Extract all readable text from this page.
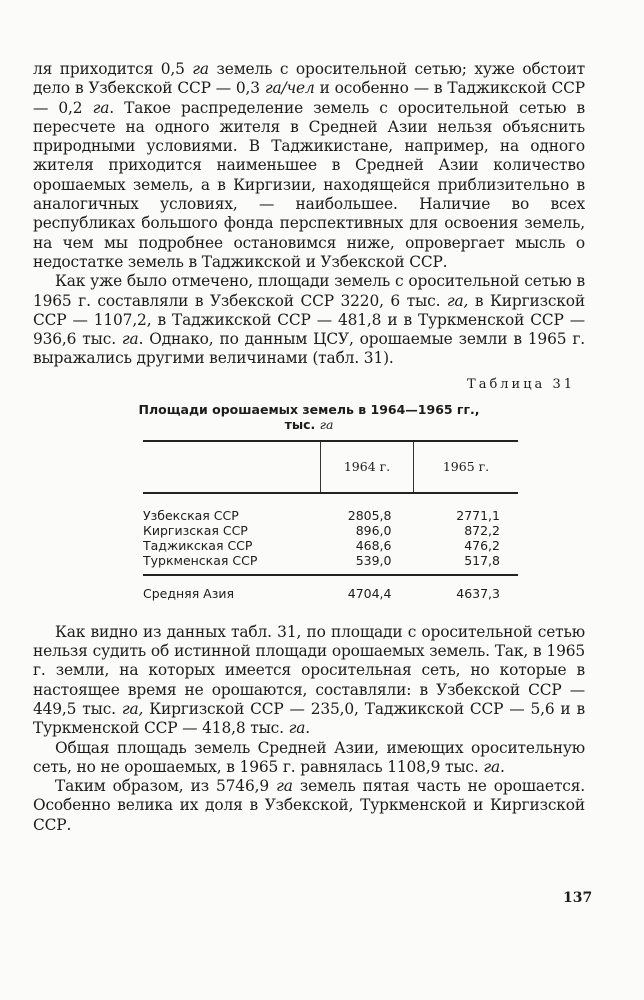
ля приходится 0,5 га земель с оросительной сетью; хуже обстоит дело в Узбекской ССР — 0,3 га/чел и особенно — в Таджикской ССР — 0,2 га. Такое распределение земель с оросительной сетью в пересчете на одного жителя в Средней Азии нельзя объяснить природными условиями. В Таджикистане, например, на одного жителя приходится наименьшее в Средней Азии количество орошаемых земель, а в Киргизии, находящейся приблизительно в аналогичных условиях, — наибольшее. Наличие во всех республиках большого фонда перспективных для освоения земель, на чем мы подробнее остановимся ниже, опровергает мысль о недостатке земель в Таджикской и Узбекской ССР.

Как уже было отмечено, площади земель с оросительной сетью в 1965 г. составляли в Узбекской ССР 3220, 6 тыс. га, в Киргизской ССР — 1107,2, в Таджикской ССР — 481,8 и в Туркменской ССР — 936,6 тыс. га. Однако, по данным ЦСУ, орошаемые земли в 1965 г. выражались другими величинами (табл. 31).

Таблица 31
Площади орошаемых земель в 1964—1965 гг.,
тыс. га
	1964 г.	1965 г.
Узбекская ССР	2805,8	2771,1
Киргизская ССР	896,0	872,2
Таджикская ССР	468,6	476,2
Туркменская ССР	539,0	517,8
Средняя Азия	4704,4	4637,3

Как видно из данных табл. 31, по площади с оросительной сетью нельзя судить об истинной площади орошаемых земель. Так, в 1965 г. земли, на которых имеется оросительная сеть, но которые в настоящее время не орошаются, составляли: в Узбекской ССР — 449,5 тыс. га, Киргизской ССР — 235,0, Таджикской ССР — 5,6 и в Туркменской ССР — 418,8 тыс. га.

Общая площадь земель Средней Азии, имеющих оросительную сеть, но не орошаемых, в 1965 г. равнялась 1108,9 тыс. га.

Таким образом, из 5746,9 га земель пятая часть не орошается. Особенно велика их доля в Узбекской, Туркменской и Киргизской ССР.

137
